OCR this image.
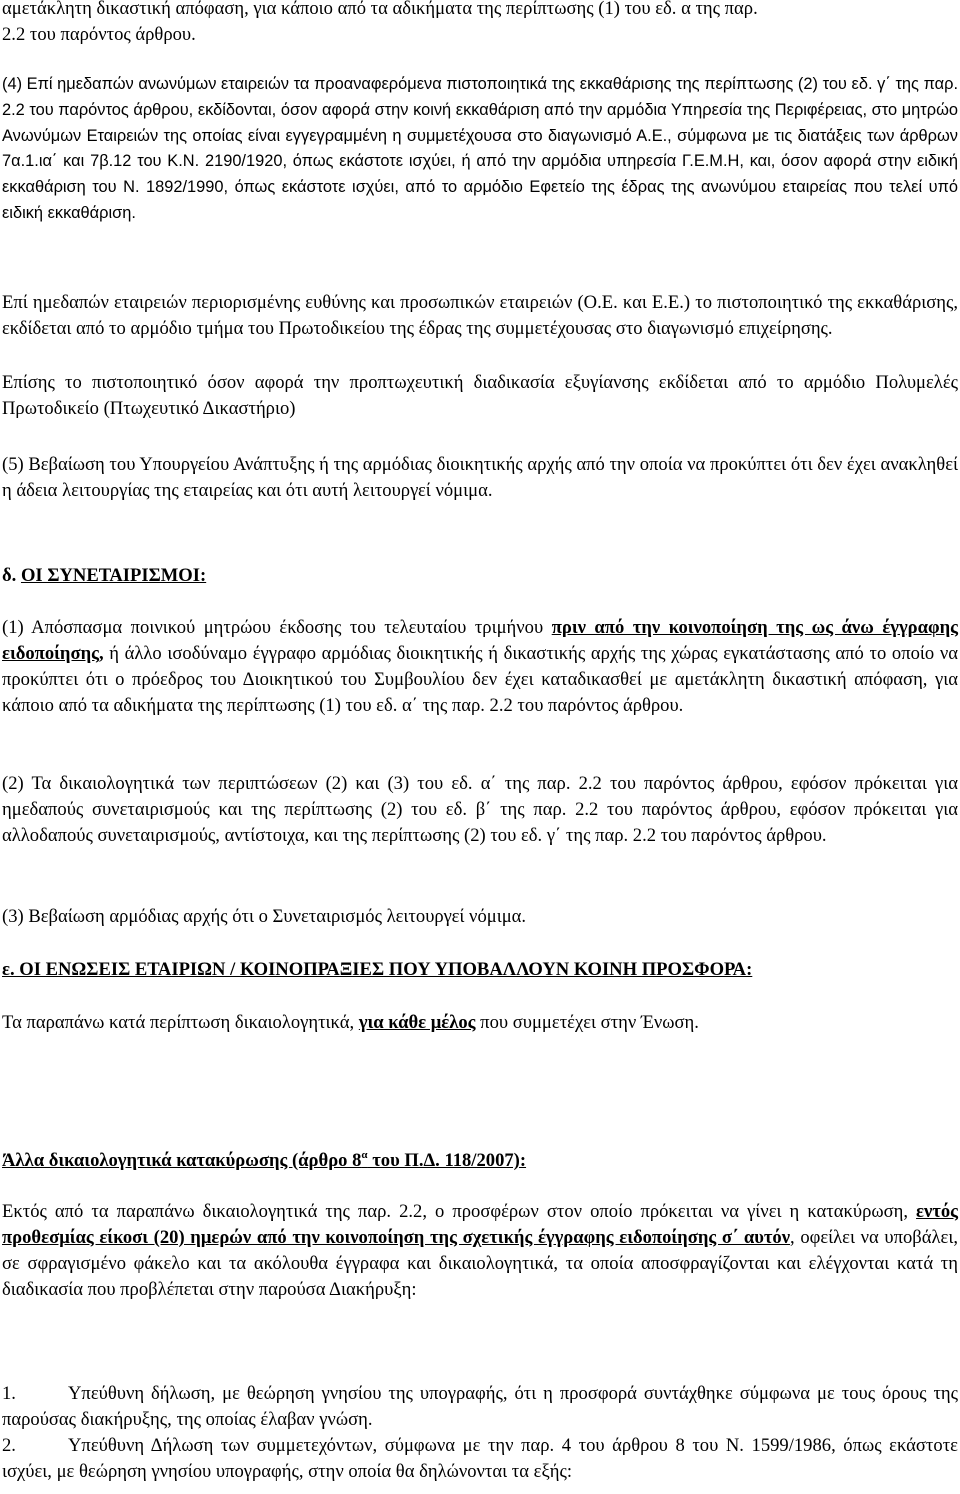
αμετάκλητη δικαστική απόφαση, για κάποιο από τα αδικήματα της περίπτωσης (1) του εδ. α της παρ.
2.2 του παρόντος άρθρου.

(4) Επί ημεδαπών ανωνύμων εταιρειών τα προαναφερόμενα πιστοποιητικά της εκκαθάρισης της περίπτωσης (2) του εδ. γ΄ της παρ. 2.2 του παρόντος άρθρου, εκδίδονται, όσον αφορά στην κοινή εκκαθάριση από την αρμόδια Υπηρεσία της Περιφέρειας, στο μητρώο Ανωνύμων Εταιρειών της οποίας είναι εγγεγραμμένη η συμμετέχουσα στο διαγωνισμό Α.Ε., σύμφωνα με τις διατάξεις των άρθρων 7α.1.ια΄ και 7β.12 του Κ.Ν. 2190/1920, όπως εκάστοτε ισχύει, ή από την αρμόδια υπηρεσία Γ.Ε.Μ.Η, και, όσον αφορά στην ειδική εκκαθάριση του Ν. 1892/1990, όπως εκάστοτε ισχύει, από το αρμόδιο Εφετείο της έδρας της ανωνύμου εταιρείας που τελεί υπό ειδική εκκαθάριση.

Επί ημεδαπών εταιρειών περιορισμένης ευθύνης και προσωπικών εταιρειών (Ο.Ε. και Ε.Ε.) το πιστοποιητικό της εκκαθάρισης, εκδίδεται από το αρμόδιο τμήμα του Πρωτοδικείου της έδρας της συμμετέχουσας στο διαγωνισμό επιχείρησης.

Επίσης το πιστοποιητικό όσον αφορά την προπτωχευτική διαδικασία εξυγίανσης εκδίδεται από το αρμόδιο Πολυμελές Πρωτοδικείο (Πτωχευτικό Δικαστήριο)

(5) Βεβαίωση του Υπουργείου Ανάπτυξης ή της αρμόδιας διοικητικής αρχής από την οποία να προκύπτει ότι δεν έχει ανακληθεί η άδεια λειτουργίας της εταιρείας και ότι αυτή λειτουργεί νόμιμα.

δ. ΟΙ ΣΥΝΕΤΑΙΡΙΣΜΟΙ:

(1) Απόσπασμα ποινικού μητρώου έκδοσης του τελευταίου τριμήνου πριν από την κοινοποίηση της ως άνω έγγραφης ειδοποίησης, ή άλλο ισοδύναμο έγγραφο αρμόδιας διοικητικής ή δικαστικής αρχής της χώρας εγκατάστασης από το οποίο να προκύπτει ότι ο πρόεδρος του Διοικητικού του Συμβουλίου δεν έχει καταδικασθεί με αμετάκλητη δικαστική απόφαση, για κάποιο από τα αδικήματα της περίπτωσης (1) του εδ. α΄ της παρ. 2.2 του παρόντος άρθρου.

(2) Τα δικαιολογητικά των περιπτώσεων (2) και (3) του εδ. α΄ της παρ. 2.2 του παρόντος άρθρου, εφόσον πρόκειται για ημεδαπούς συνεταιρισμούς και της περίπτωσης (2) του εδ. β΄ της παρ. 2.2 του παρόντος άρθρου, εφόσον πρόκειται για αλλοδαπούς συνεταιρισμούς, αντίστοιχα, και της περίπτωσης (2) του εδ. γ΄ της παρ. 2.2 του παρόντος άρθρου.

(3) Βεβαίωση αρμόδιας αρχής ότι ο Συνεταιρισμός λειτουργεί νόμιμα.

ε. ΟΙ ΕΝΩΣΕΙΣ ΕΤΑΙΡΙΩΝ / ΚΟΙΝΟΠΡΑΞΙΕΣ ΠΟΥ ΥΠΟΒΑΛΛΟΥΝ ΚΟΙΝΗ ΠΡΟΣΦΟΡΑ:

Τα παραπάνω κατά περίπτωση δικαιολογητικά, για κάθε μέλος που συμμετέχει στην Ένωση.

Άλλα δικαιολογητικά κατακύρωσης (άρθρο $8^\alpha$ του Π.Δ. 118/2007):

Εκτός από τα παραπάνω δικαιολογητικά της παρ. 2.2, ο προσφέρων στον οποίο πρόκειται να γίνει η κατακύρωση, εντός προθεσμίας είκοσι (20) ημερών από την κοινοποίηση της σχετικής έγγραφης ειδοποίησης σ΄ αυτόν, οφείλει να υποβάλει, σε σφραγισμένο φάκελο και τα ακόλουθα έγγραφα και δικαιολογητικά, τα οποία αποσφραγίζονται και ελέγχονται κατά τη διαδικασία που προβλέπεται στην παρούσα Διακήρυξη:

1.	Υπεύθυνη δήλωση, με θεώρηση γνησίου της υπογραφής, ότι η προσφορά συντάχθηκε σύμφωνα με τους όρους της παρούσας διακήρυξης, της οποίας έλαβαν γνώση.

2.	Υπεύθυνη Δήλωση των συμμετεχόντων, σύμφωνα με την παρ. 4 του άρθρου 8 του Ν. 1599/1986, όπως εκάστοτε ισχύει, με θεώρηση γνησίου υπογραφής, στην οποία θα δηλώνονται τα εξής:
